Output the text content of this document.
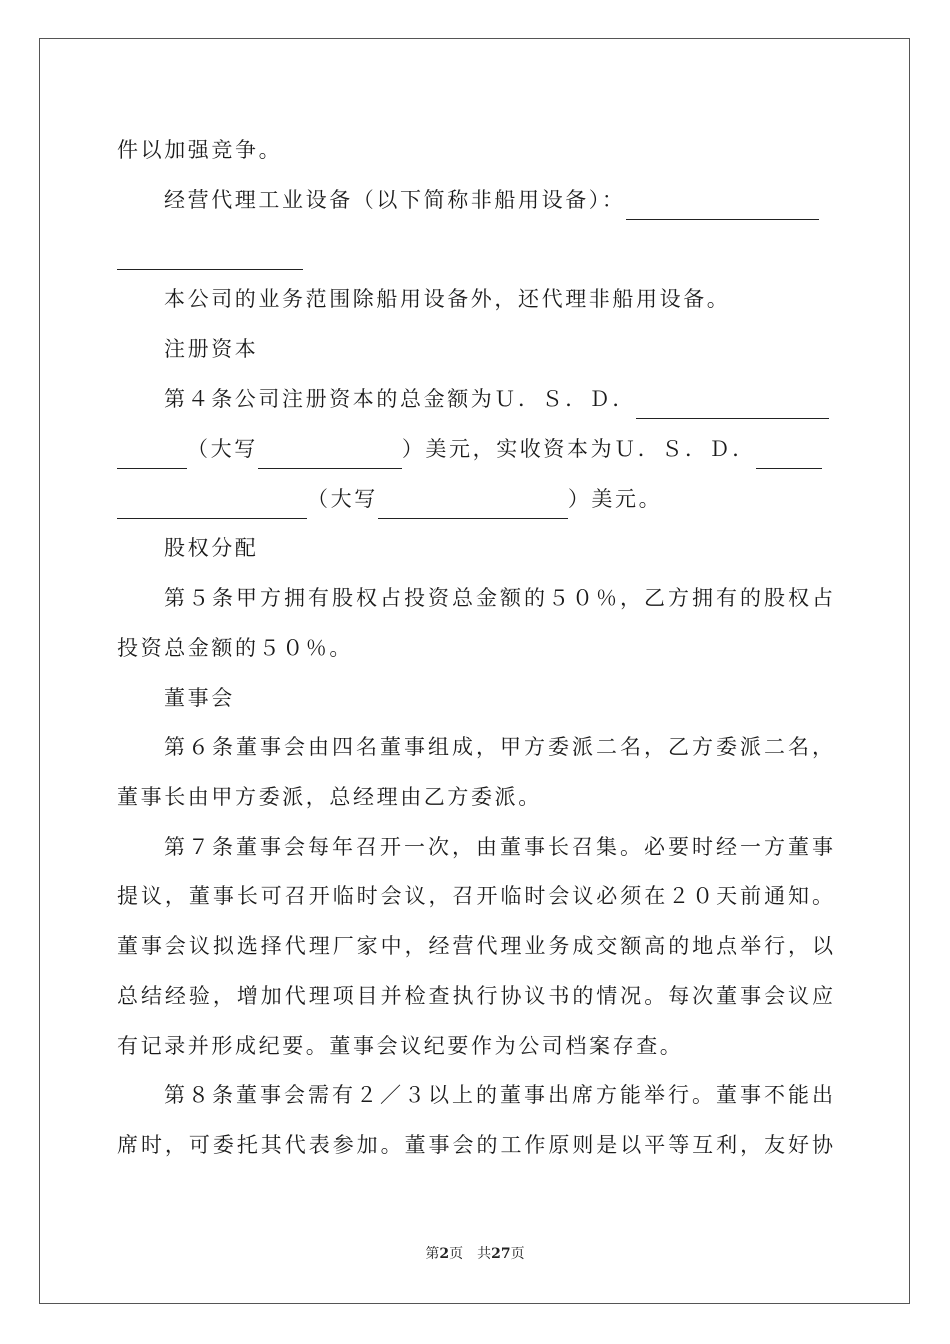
件以加强竞争。
经营代理工业设备（以下简称非船用设备）：
本公司的业务范围除船用设备外，还代理非船用设备。
注册资本
第４条公司注册资本的总金额为Ｕ．Ｓ．Ｄ．
（大写	）美元，实收资本为Ｕ．Ｓ．Ｄ．
（大写	）美元。
股权分配
第５条甲方拥有股权占投资总金额的５０％，乙方拥有的股权占
投资总金额的５０％。
董事会
第６条董事会由四名董事组成，甲方委派二名，乙方委派二名，
董事长由甲方委派，总经理由乙方委派。
第７条董事会每年召开一次，由董事长召集。必要时经一方董事
提议，董事长可召开临时会议，召开临时会议必须在２０天前通知。
董事会议拟选择代理厂家中，经营代理业务成交额高的地点举行，以
总结经验，增加代理项目并检查执行协议书的情况。每次董事会议应
有记录并形成纪要。董事会议纪要作为公司档案存查。
第８条董事会需有２／３以上的董事出席方能举行。董事不能出
席时，可委托其代表参加。董事会的工作原则是以平等互利，友好协
第2页　共27页
